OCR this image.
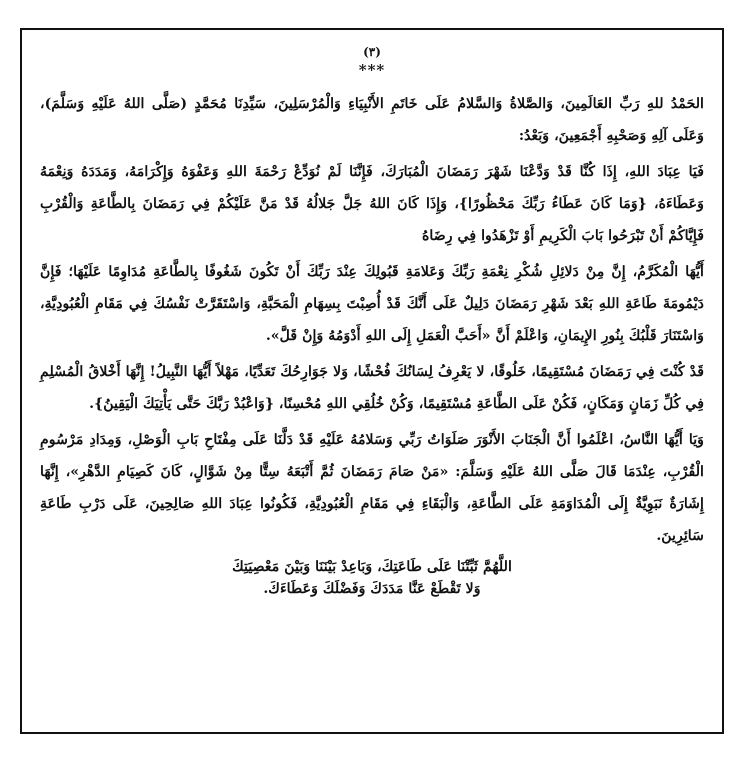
(٣)

***

الحَمْدُ للهِ رَبِّ العَالَمِينَ، وَالصَّلاةُ وَالسَّلامُ عَلَى خَاتَمِ الأَنْبِيَاءِ وَالْمُرْسَلِينَ، سَيِّدِنَا مُحَمَّدٍ (صَلَّى اللهُ عَلَيْهِ وَسَلَّمَ)، وَعَلَى آلِهِ وَصَحْبِهِ أَجْمَعِينَ، وَبَعْدُ:

فَيَا عِبَادَ اللهِ، إِذَا كُنَّا قَدْ وَدَّعْنَا شَهْرَ رَمَضَانَ الْمُبَارَكَ، فَإِنَّنَا لَمْ نُوَدِّعْ رَحْمَةَ اللهِ وَعَفْوَهُ وَإِكْرَامَهُ، وَمَدَدَهُ وَنِعْمَهُ وَعَطَاءَهُ، {وَمَا كَانَ عَطَاءُ رَبِّكَ مَحْظُورًا}، وَإِذَا كَانَ اللهُ جَلَّ جَلالُهُ قَدْ مَنَّ عَلَيْكُمْ فِي رَمَضَانَ بِالطَّاعَةِ وَالْقُرْبِ فَإِيَّاكُمْ أَنْ تَبْرَحُوا بَابَ الْكَرِيمِ أَوْ تَزْهَدُوا فِي رِضَاهُ

أَيُّهَا الْمُكَرَّمُ، إِنَّ مِنْ دَلائِلِ شُكْرِ نِعْمَةِ رَبِّكَ وَعَلامَةِ قَبُولِكَ عِنْدَ رَبِّكَ أَنْ تَكُونَ شَغُوفًا بِالطَّاعَةِ مُدَاوِمًا عَلَيْهَا؛ فَإِنَّ دَيْمُومَةَ طَاعَةِ اللهِ بَعْدَ شَهْرِ رَمَضَانَ دَلِيلٌ عَلَى أَنَّكَ قَدْ أُصِبْتَ بِسِهَامِ الْمَحَبَّةِ، وَاسْتَقَرَّتْ نَفْسُكَ فِي مَقَامِ الْعُبُودِيَّةِ، وَاسْتَنَارَ قَلْبُكَ بِنُورِ الإِيمَانِ، وَاعْلَمْ أَنَّ «أَحَبَّ الْعَمَلِ إِلَى اللهِ أَدْوَمُهُ وَإِنْ قَلَّ».

قَدْ كُنْتَ فِي رَمَضَانَ مُسْتَقِيمًا، خَلُوقًا، لا يَعْرِفُ لِسَانُكَ فُحْشًا، وَلا جَوَارِحُكَ تَعَدِّيًا، مَهْلاً أَيُّهَا النَّبِيلُ! إِنَّهَا أَخْلاقُ الْمُسْلِمِ فِي كُلِّ زَمَانٍ وَمَكَانٍ، فَكُنْ عَلَى الطَّاعَةِ مُسْتَقِيمًا، وَكُنْ خُلُقِي اللهِ مُحْسِنًا، {وَاعْبُدْ رَبَّكَ حَتَّى يَأْتِيَكَ الْيَقِينُ}.

وَيَا أَيُّهَا النَّاسُ، اعْلَمُوا أَنَّ الْجَنَابَ الأَنْوَرَ صَلَوَاتُ رَبِّي وَسَلامُهُ عَلَيْهِ قَدْ دَلَّنَا عَلَى مِفْتَاحِ بَابِ الْوَصْلِ، وَمِدَادِ مَرْسُومِ الْقُرْبِ، عِنْدَمَا قَالَ صَلَّى اللهُ عَلَيْهِ وَسَلَّمَ: «مَنْ صَامَ رَمَضَانَ ثُمَّ أَتْبَعَهُ سِتًّا مِنْ شَوَّالٍ، كَانَ كَصِيَامِ الدَّهْرِ»، إِنَّهَا إِشَارَةٌ نَبَوِيَّةٌ إِلَى الْمُدَاوَمَةِ عَلَى الطَّاعَةِ، وَالْبَقَاءِ فِي مَقَامِ الْعُبُودِيَّةِ، فَكُونُوا عِبَادَ اللهِ صَالِحِينَ، عَلَى دَرْبِ طَاعَةِ سَائِرِينَ.

اللَّهُمَّ ثَبِّتْنَا عَلَى طَاعَتِكَ، وَبَاعِدْ بَيْنَنَا وَبَيْنَ مَعْصِيَتِكَ

وَلا تَقْطَعْ عَنَّا مَدَدَكَ وَفَضْلَكَ وَعَطَاءَكَ.
